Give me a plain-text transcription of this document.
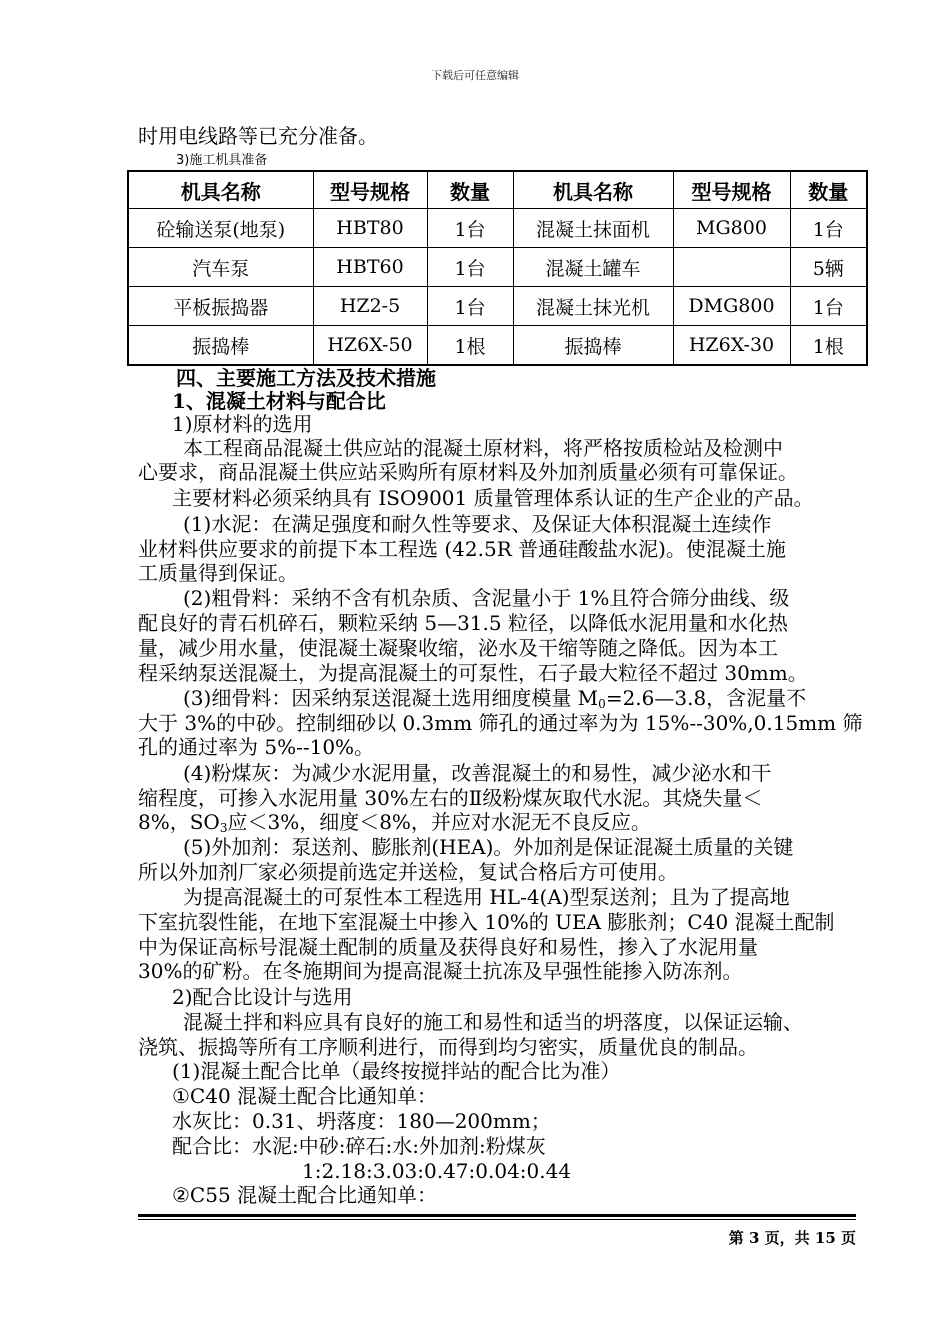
下载后可任意编辑
时用电线路等已充分准备。
3)施工机具准备
机具名称	型号规格	数量	机具名称	型号规格	数量
砼输送泵(地泵)	HBT80	1台	混凝土抹面机	MG800	1台
汽车泵	HBT60	1台	混凝土罐车		5辆
平板振捣器	HZ2-5	1台	混凝土抹光机	DMG800	1台
振捣棒	HZ6X-50	1根	振捣棒	HZ6X-30	1根
四、主要施工方法及技术措施
1、混凝土材料与配合比
1)原材料的选用
本工程商品混凝土供应站的混凝土原材料，将严格按质检站及检测中
心要求，商品混凝土供应站采购所有原材料及外加剂质量必须有可靠保证。
主要材料必须采纳具有 ISO9001 质量管理体系认证的生产企业的产品。
(1)水泥：在满足强度和耐久性等要求、及保证大体积混凝土连续作
业材料供应要求的前提下本工程选 (42.5R 普通硅酸盐水泥)。使混凝土施
工质量得到保证。
(2)粗骨料：采纳不含有机杂质、含泥量小于 1%且符合筛分曲线、级
配良好的青石机碎石，颗粒采纳 5—31.5 粒径，以降低水泥用量和水化热
量，减少用水量，使混凝土凝聚收缩，泌水及干缩等随之降低。因为本工
程采纳泵送混凝土，为提高混凝土的可泵性，石子最大粒径不超过 30mm。
(3)细骨料：因采纳泵送混凝土选用细度模量 $M_0=2.6—3.8$，含泥量不
大于 3%的中砂。控制细砂以 0.3mm 筛孔的通过率为为 15%--30%,0.15mm 筛
孔的通过率为 5%--10%。
(4)粉煤灰：为减少水泥用量，改善混凝土的和易性，减少泌水和干
缩程度，可掺入水泥用量 30%左右的Ⅱ级粉煤灰取代水泥。其烧失量＜
8%，$SO_3$应＜3%，细度＜8%，并应对水泥无不良反应。
(5)外加剂：泵送剂、膨胀剂(HEA)。外加剂是保证混凝土质量的关键
所以外加剂厂家必须提前选定并送检，复试合格后方可使用。
为提高混凝土的可泵性本工程选用 HL-4(A)型泵送剂；且为了提高地
下室抗裂性能，在地下室混凝土中掺入 10%的 UEA 膨胀剂；C40 混凝土配制
中为保证高标号混凝土配制的质量及获得良好和易性，掺入了水泥用量
30%的矿粉。在冬施期间为提高混凝土抗冻及早强性能掺入防冻剂。
2)配合比设计与选用
混凝土拌和料应具有良好的施工和易性和适当的坍落度，以保证运输、
浇筑、振捣等所有工序顺利进行，而得到均匀密实，质量优良的制品。
(1)混凝土配合比单（最终按搅拌站的配合比为准）
①C40 混凝土配合比通知单：
水灰比：0.31、坍落度：180—200mm；
配合比：水泥:中砂:碎石:水:外加剂:粉煤灰
1:2.18:3.03:0.47:0.04:0.44
②C55 混凝土配合比通知单：
第 3 页，共 15 页
